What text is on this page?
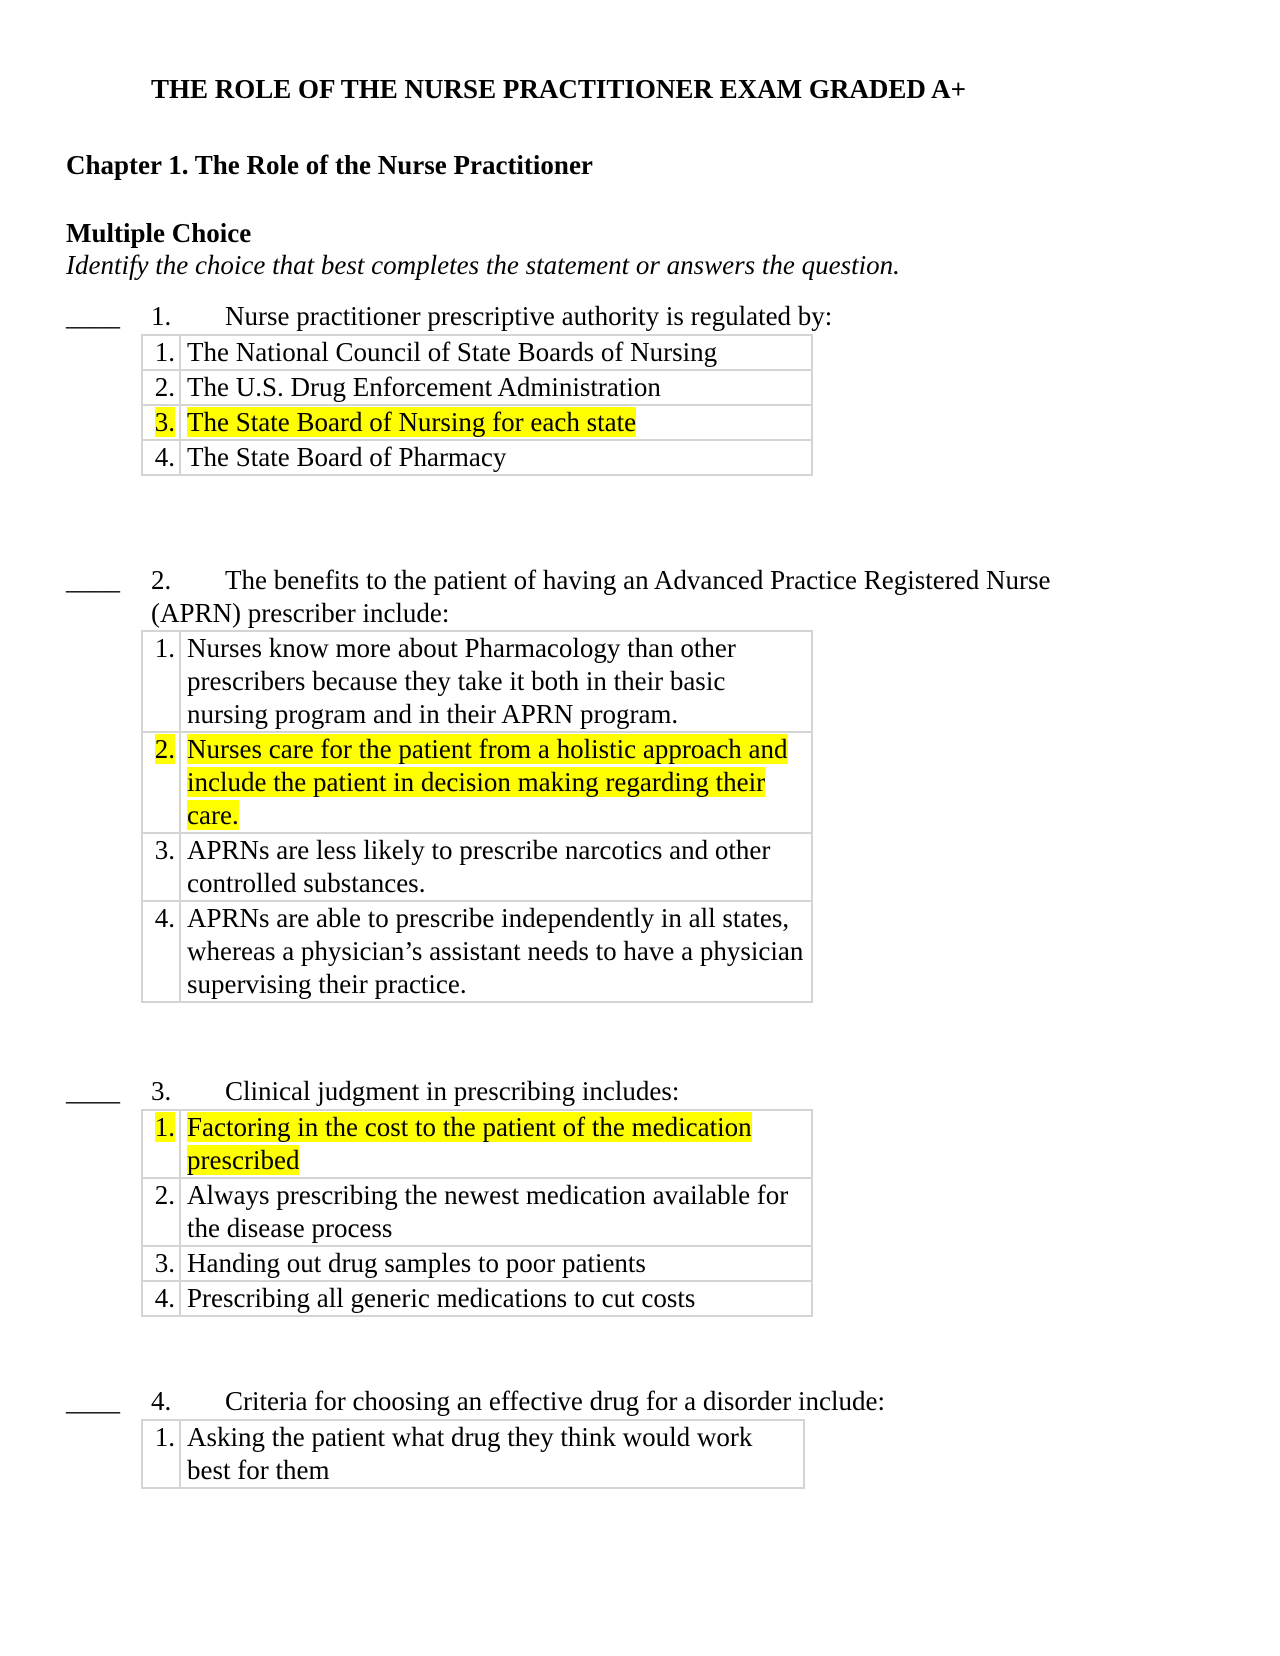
THE ROLE OF THE NURSE PRACTITIONER EXAM GRADED A+
Chapter 1. The Role of the Nurse Practitioner
Multiple Choice
Identify the choice that best completes the statement or answers the question.
____ 1.	Nurse practitioner prescriptive authority is regulated by:
1.	The National Council of State Boards of Nursing
2.	The U.S. Drug Enforcement Administration
3.	The State Board of Nursing for each state
4.	The State Board of Pharmacy
____ 2.	The benefits to the patient of having an Advanced Practice Registered Nurse (APRN) prescriber include:
1.	Nurses know more about Pharmacology than other prescribers because they take it both in their basic nursing program and in their APRN program.
2.	Nurses care for the patient from a holistic approach and include the patient in decision making regarding their care.
3.	APRNs are less likely to prescribe narcotics and other controlled substances.
4.	APRNs are able to prescribe independently in all states, whereas a physician’s assistant needs to have a physician supervising their practice.
____ 3.	Clinical judgment in prescribing includes:
1.	Factoring in the cost to the patient of the medication prescribed
2.	Always prescribing the newest medication available for the disease process
3.	Handing out drug samples to poor patients
4.	Prescribing all generic medications to cut costs
____ 4.	Criteria for choosing an effective drug for a disorder include:
1.	Asking the patient what drug they think would work best for them
